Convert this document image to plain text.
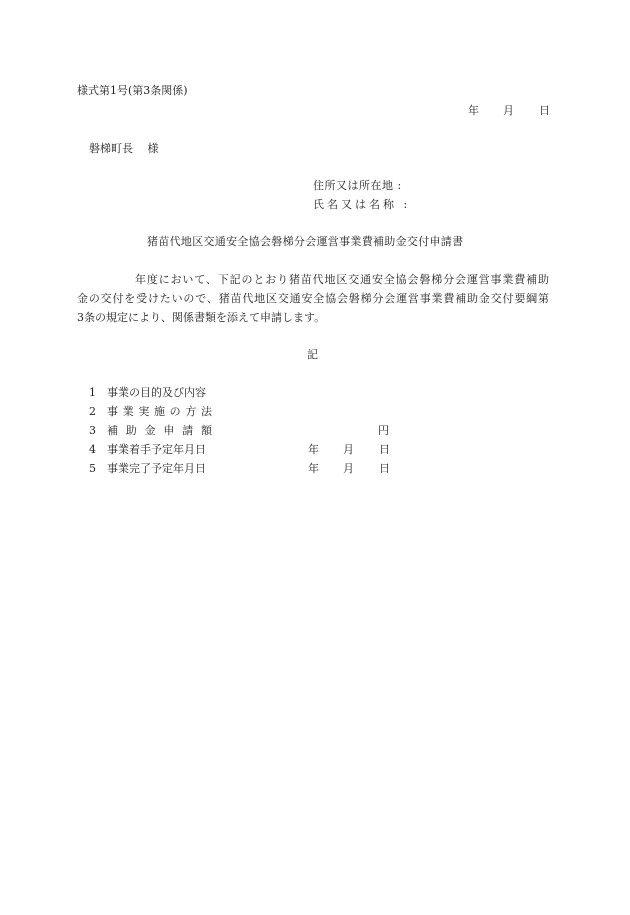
様式第1号(第3条関係)
年 月 日
磐梯町長　 様
住所又は所在地 :
氏名又は名称 :
猪苗代地区交通安全協会磐梯分会運営事業費補助金交付申請書
年度において、下記のとおり猪苗代地区交通安全協会磐梯分会運営事業費補助
金の交付を受けたいので、猪苗代地区交通安全協会磐梯分会運営事業費補助金交付要綱第
3条の規定により、関係書類を添えて申請します。
記
1 事業の目的及び内容
2 事業実施の方法
3 補助金申請額	円
4 事業着手予定年月日	年 月 日
5 事業完了予定年月日	年 月 日
